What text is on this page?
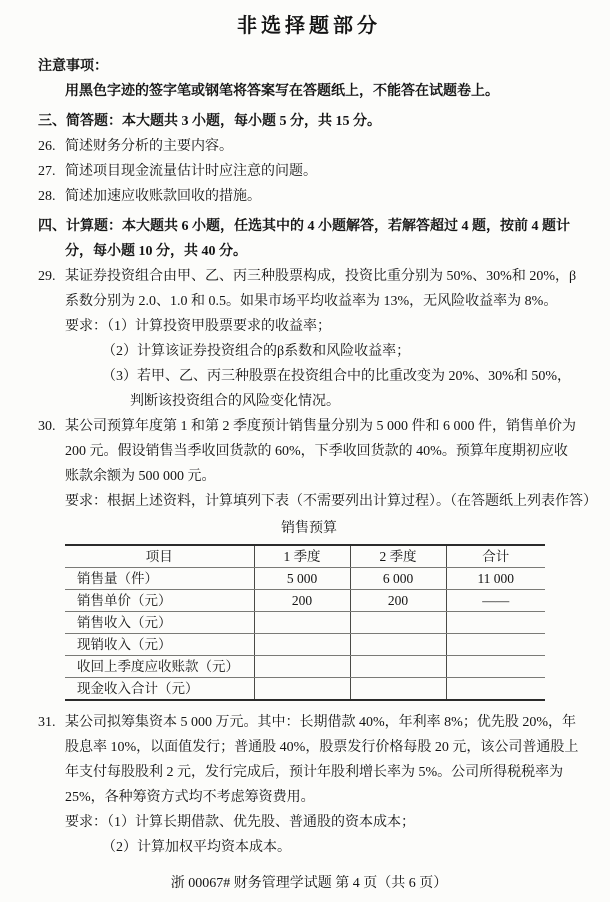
非选择题部分
注意事项：
用黑色字迹的签字笔或钢笔将答案写在答题纸上，不能答在试题卷上。
三、简答题：本大题共 3 小题，每小题 5 分，共 15 分。
26. 简述财务分析的主要内容。
27. 简述项目现金流量估计时应注意的问题。
28. 简述加速应收账款回收的措施。
四、计算题：本大题共 6 小题，任选其中的 4 小题解答，若解答超过 4 题，按前 4 题计分，每小题 10 分，共 40 分。
29. 某证券投资组合由甲、乙、丙三种股票构成，投资比重分别为 50%、30%和 20%，β 系数分别为 2.0、1.0 和 0.5。如果市场平均收益率为 13%，无风险收益率为 8%。
要求：（1）计算投资甲股票要求的收益率；
（2）计算该证券投资组合的β系数和风险收益率；
（3）若甲、乙、丙三种股票在投资组合中的比重改变为 20%、30%和 50%，判断该投资组合的风险变化情况。
30. 某公司预算年度第 1 和第 2 季度预计销售量分别为 5 000 件和 6 000 件，销售单价为 200 元。假设销售当季收回货款的 60%，下季收回货款的 40%。预算年度期初应收账款余额为 500 000 元。
要求：根据上述资料，计算填列下表（不需要列出计算过程）。（在答题纸上列表作答）
销售预算
项目	1 季度	2 季度	合计
销售量（件）	5 000	6 000	11 000
销售单价（元）	200	200	——
销售收入（元）			
现销收入（元）			
收回上季度应收账款（元）			
现金收入合计（元）			
31. 某公司拟筹集资本 5 000 万元。其中：长期借款 40%，年利率 8%；优先股 20%，年股息率 10%，以面值发行；普通股 40%，股票发行价格每股 20 元，该公司普通股上年支付每股股利 2 元，发行完成后，预计年股利增长率为 5%。公司所得税税率为 25%，各种筹资方式均不考虑筹资费用。
要求：（1）计算长期借款、优先股、普通股的资本成本；
（2）计算加权平均资本成本。
浙 00067# 财务管理学试题 第 4 页（共 6 页）
